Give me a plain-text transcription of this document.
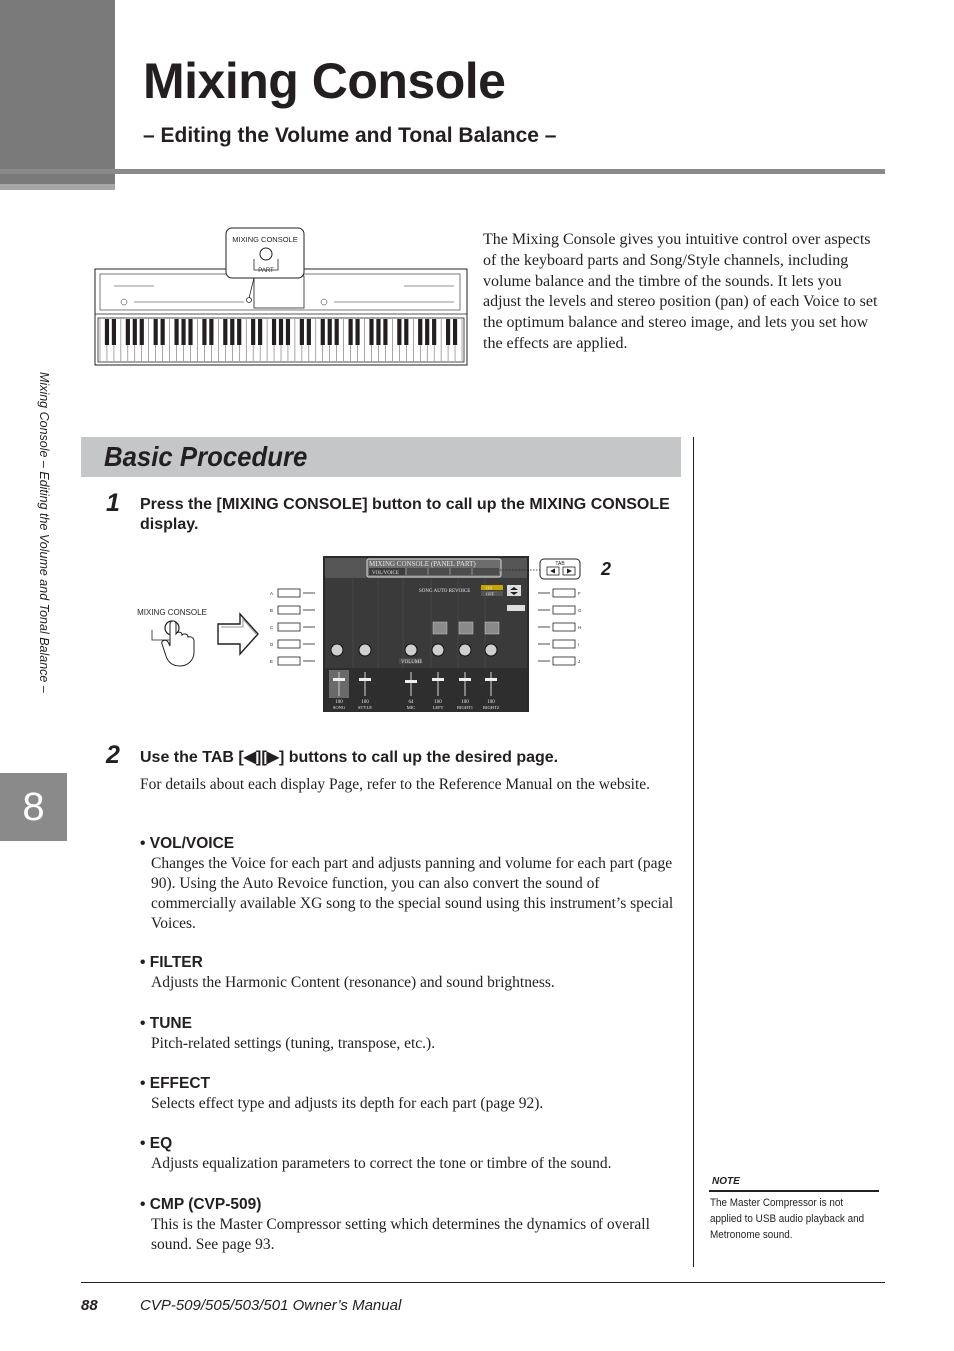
Mixing Console
– Editing the Volume and Tonal Balance –
Mixing Console – Editing the Volume and Tonal Balance –
8
MIXING CONSOLE
PART

The Mixing Console gives you intuitive control over aspects of the keyboard parts and Song/Style channels, including volume balance and the timbre of the sounds. It lets you adjust the levels and stereo position (pan) of each Voice to set the optimum balance and stereo image, and lets you set how the effects are applied.

Basic Procedure
1 Press the [MIXING CONSOLE] button to call up the MIXING CONSOLE display.

MIXING CONSOLE
A
B
C
D
E
F
G
H
I
J
MIXING CONSOLE (PANEL PART)
VOL/VOICE
SONG AUTO REVOICE
ON
OFF
SETUP
VOLUME
100	100	64	100	100	100
SONG	STYLE	MIC	LEFT	RIGHT1 RIGHT2
TAB 2
2 Use the TAB [◀][▶] buttons to call up the desired page.

For details about each display Page, refer to the Reference Manual on the website.

• VOL/VOICE

Changes the Voice for each part and adjusts panning and volume for each part (page 90). Using the Auto Revoice function, you can also convert the sound of commercially available XG song to the special sound using this instrument’s special Voices.

• FILTER

Adjusts the Harmonic Content (resonance) and sound brightness.

• TUNE

Pitch-related settings (tuning, transpose, etc.).

• EFFECT

Selects effect type and adjusts its depth for each part (page 92).

• EQ

Adjusts equalization parameters to correct the tone or timbre of the sound.

• CMP (CVP-509)

This is the Master Compressor setting which determines the dynamics of overall sound. See page 93.

NOTE

The Master Compressor is not applied to USB audio playback and Metronome sound.

88	CVP-509/505/503/501 Owner’s Manual
